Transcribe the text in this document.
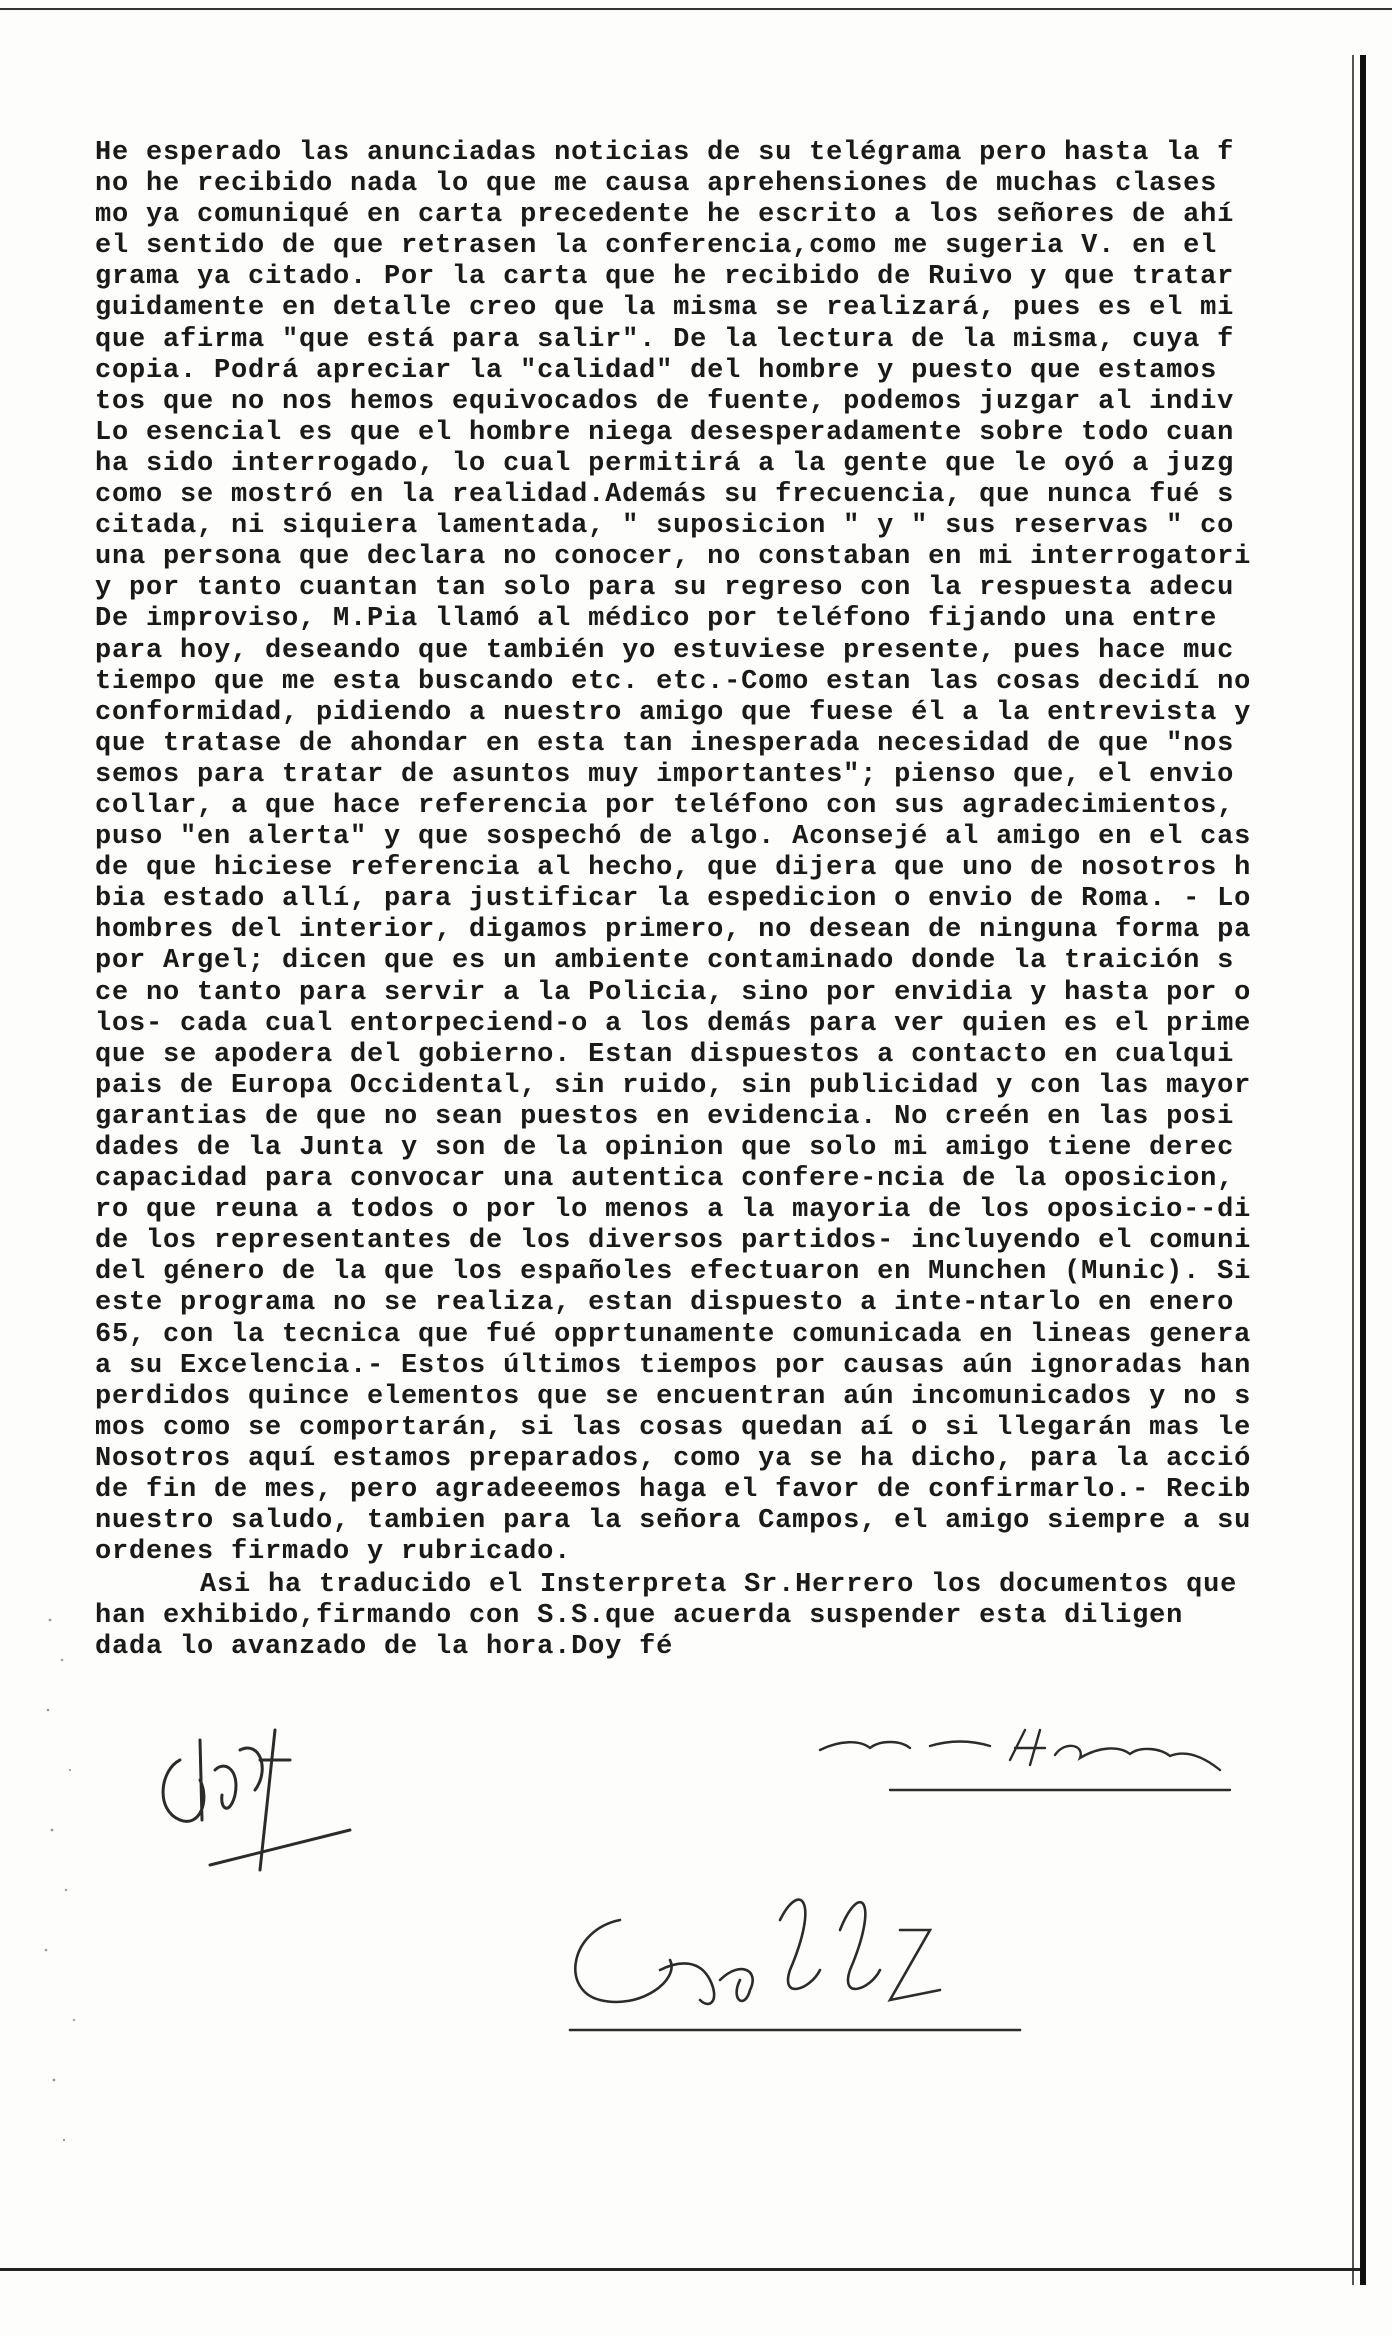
He esperado las anunciadas noticias de su telégrama pero hasta la f
no he recibido nada lo que me causa aprehensiones de muchas clases
mo ya comuniqué en carta precedente he escrito a los señores de ahí
el sentido de que retrasen la conferencia,como me sugeria V. en el
grama ya citado. Por la carta que he recibido de Ruivo y que tratar
guidamente en detalle creo que la misma se realizará, pues es el mi
que afirma "que está para salir". De la lectura de la misma, cuya f
copia. Podrá apreciar la "calidad" del hombre y puesto que estamos
tos que no nos hemos equivocados de fuente, podemos juzgar al indiv
Lo esencial es que el hombre niega desesperadamente sobre todo cuan
ha sido interrogado, lo cual permitirá a la gente que le oyó a juzg
como se mostró en la realidad.Además su frecuencia, que nunca fué s
citada, ni siquiera lamentada, " suposicion " y " sus reservas " co
una persona que declara no conocer, no constaban en mi interrogatori
y por tanto cuantan tan solo para su regreso con la respuesta adecu
De improviso, M.Pia llamó al médico por teléfono fijando una entre
para hoy, deseando que también yo estuviese presente, pues hace muc
tiempo que me esta buscando etc. etc.-Como estan las cosas decidí no
conformidad, pidiendo a nuestro amigo que fuese él a la entrevista y
que tratase de ahondar en esta tan inesperada necesidad de que "nos
semos para tratar de asuntos muy importantes"; pienso que, el envio
collar, a que hace referencia por teléfono con sus agradecimientos,
puso "en alerta" y que sospechó de algo. Aconsejé al amigo en el cas
de que hiciese referencia al hecho, que dijera que uno de nosotros h
bia estado allí, para justificar la espedicion o envio de Roma. - Lo
hombres del interior, digamos primero, no desean de ninguna forma pa
por Argel; dicen que es un ambiente contaminado donde la traición s
ce no tanto para servir a la Policia, sino por envidia y hasta por o
los- cada cual entorpeciend-o a los demás para ver quien es el prime
que se apodera del gobierno. Estan dispuestos a contacto en cualqui
pais de Europa Occidental, sin ruido, sin publicidad y con las mayor
garantias de que no sean puestos en evidencia. No creén en las posi
dades de la Junta y son de la opinion que solo mi amigo tiene derec
capacidad para convocar una autentica confere-ncia de la oposicion,
ro que reuna a todos o por lo menos a la mayoria de los oposicio--di
de los representantes de los diversos partidos- incluyendo el comuni
del género de la que los españoles efectuaron en Munchen (Munic). Si
este programa no se realiza, estan dispuesto a inte-ntarlo en enero
65, con la tecnica que fué opprtunamente comunicada en lineas genera
a su Excelencia.- Estos últimos tiempos por causas aún ignoradas han
perdidos quince elementos que se encuentran aún incomunicados y no s
mos como se comportarán, si las cosas quedan aí o si llegarán mas le
Nosotros aquí estamos preparados, como ya se ha dicho, para la acció
de fin de mes, pero agradeeemos haga el favor de confirmarlo.- Recib
nuestro saludo, tambien para la señora Campos, el amigo siempre a su
ordenes firmado y rubricado.
Asi ha traducido el Insterpreta Sr.Herrero los documentos que
han exhibido,firmando con S.S.que acuerda suspender esta diligen
dada lo avanzado de la hora.Doy fé
